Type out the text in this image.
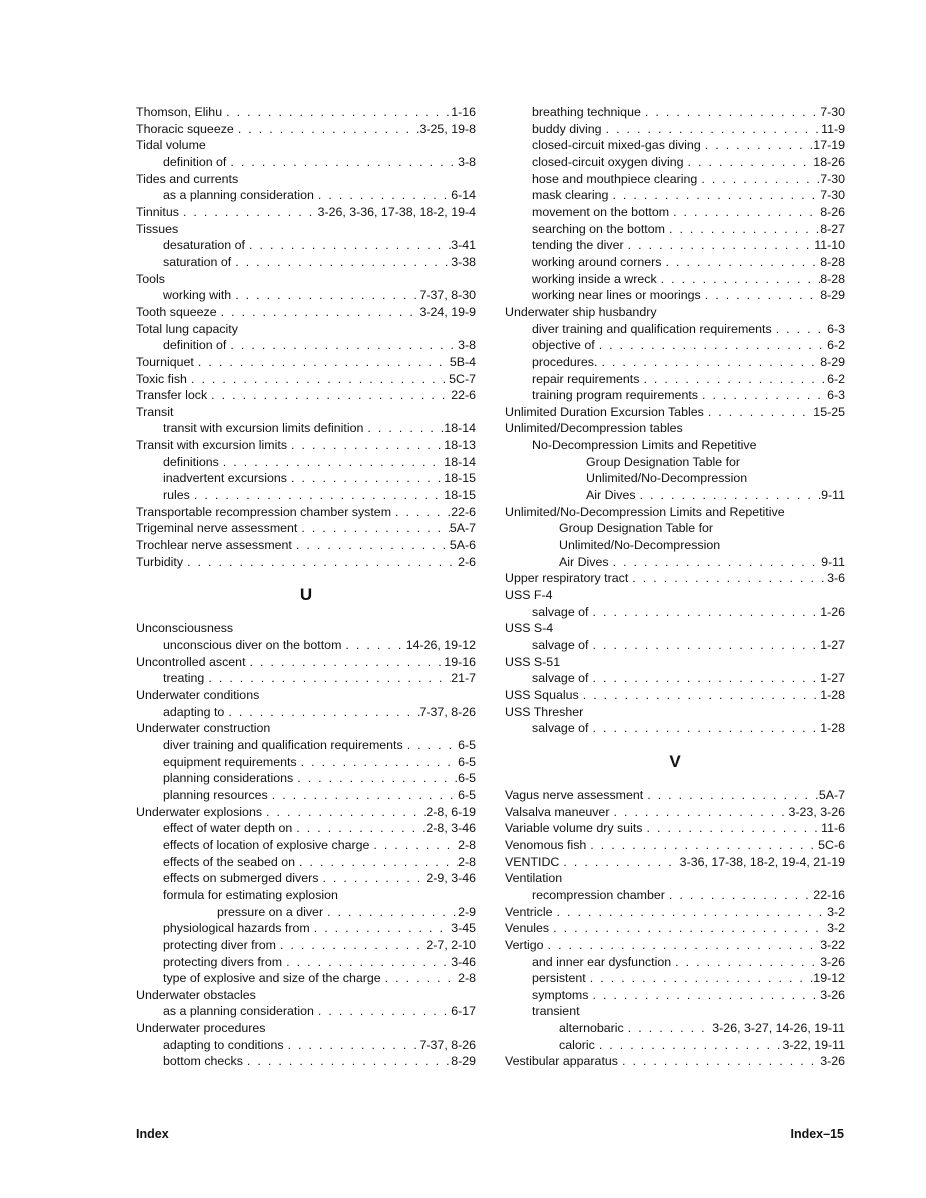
Thomson, Elihu . . .	1-16
Thoracic squeeze . . .	3-25, 19-8
Tidal volume
definition of . . .	3-8
Tides and currents
as a planning consideration . . .	6-14
Tinnitus . . .	3-26, 3-36, 17-38, 18-2, 19-4
Tissues
desaturation of . . .	3-41
saturation of . . .	3-38
Tools
working with . . .	7-37, 8-30
Tooth squeeze . . .	3-24, 19-9
Total lung capacity
definition of . . .	3-8
Tourniquet . . .	5B-4
Toxic fish . . .	5C-7
Transfer lock . . .	22-6
Transit
transit with excursion limits definition . . .	18-14
Transit with excursion limits . . .	18-13
definitions . . .	18-14
inadvertent excursions . . .	18-15
rules . . .	18-15
Transportable recompression chamber system . . .	22-6
Trigeminal nerve assessment . . .	5A-7
Trochlear nerve assessment . . .	5A-6
Turbidity . . .	2-6
U
Unconsciousness
unconscious diver on the bottom . . .	14-26, 19-12
Uncontrolled ascent . . .	19-16
treating . . .	21-7
Underwater conditions
adapting to . . .	7-37, 8-26
Underwater construction
diver training and qualification requirements . . .	6-5
equipment requirements . . .	6-5
planning considerations . . .	6-5
planning resources . . .	6-5
Underwater explosions . . .	2-8, 6-19
effect of water depth on . . .	2-8, 3-46
effects of location of explosive charge . . .	2-8
effects of the seabed on . . .	2-8
effects on submerged divers . . .	2-9, 3-46
formula for estimating explosion
pressure on a diver . . .	2-9
physiological hazards from . . .	3-45
protecting diver from . . .	2-7, 2-10
protecting divers from . . .	3-46
type of explosive and size of the charge . . .	2-8
Underwater obstacles
as a planning consideration . . .	6-17
Underwater procedures
adapting to conditions . . .	7-37, 8-26
bottom checks . . .	8-29
breathing technique . . .	7-30
buddy diving . . .	11-9
closed-circuit mixed-gas diving . . .	17-19
closed-circuit oxygen diving . . .	18-26
hose and mouthpiece clearing . . .	7-30
mask clearing . . .	7-30
movement on the bottom . . .	8-26
searching on the bottom . . .	8-27
tending the diver . . .	11-10
working around corners . . .	8-28
working inside a wreck . . .	8-28
working near lines or moorings . . .	8-29
Underwater ship husbandry
diver training and qualification requirements . . .	6-3
objective of . . .	6-2
procedures. . . .	8-29
repair requirements . . .	6-2
training program requirements . . .	6-3
Unlimited Duration Excursion Tables . . .	15-25
Unlimited/Decompression tables
No-Decompression Limits and Repetitive
Group Designation Table for
Unlimited/No-Decompression
Air Dives . . .	9-11
Unlimited/No-Decompression Limits and Repetitive
Group Designation Table for
Unlimited/No-Decompression
Air Dives . . .	9-11
Upper respiratory tract . . .	3-6
USS F-4
salvage of . . .	1-26
USS S-4
salvage of . . .	1-27
USS S-51
salvage of . . .	1-27
USS Squalus . . .	1-28
USS Thresher
salvage of . . .	1-28
V
Vagus nerve assessment . . .	5A-7
Valsalva maneuver . . .	3-23, 3-26
Variable volume dry suits . . .	11-6
Venomous fish . . .	5C-6
VENTIDC . . .	3-36, 17-38, 18-2, 19-4, 21-19
Ventilation
recompression chamber . . .	22-16
Ventricle . . .	3-2
Venules . . .	3-2
Vertigo . . .	3-22
and inner ear dysfunction . . .	3-26
persistent . . .	19-12
symptoms . . .	3-26
transient
alternobaric . . .	3-26, 3-27, 14-26, 19-11
caloric . . .	3-22, 19-11
Vestibular apparatus . . .	3-26
Index	Index–15
